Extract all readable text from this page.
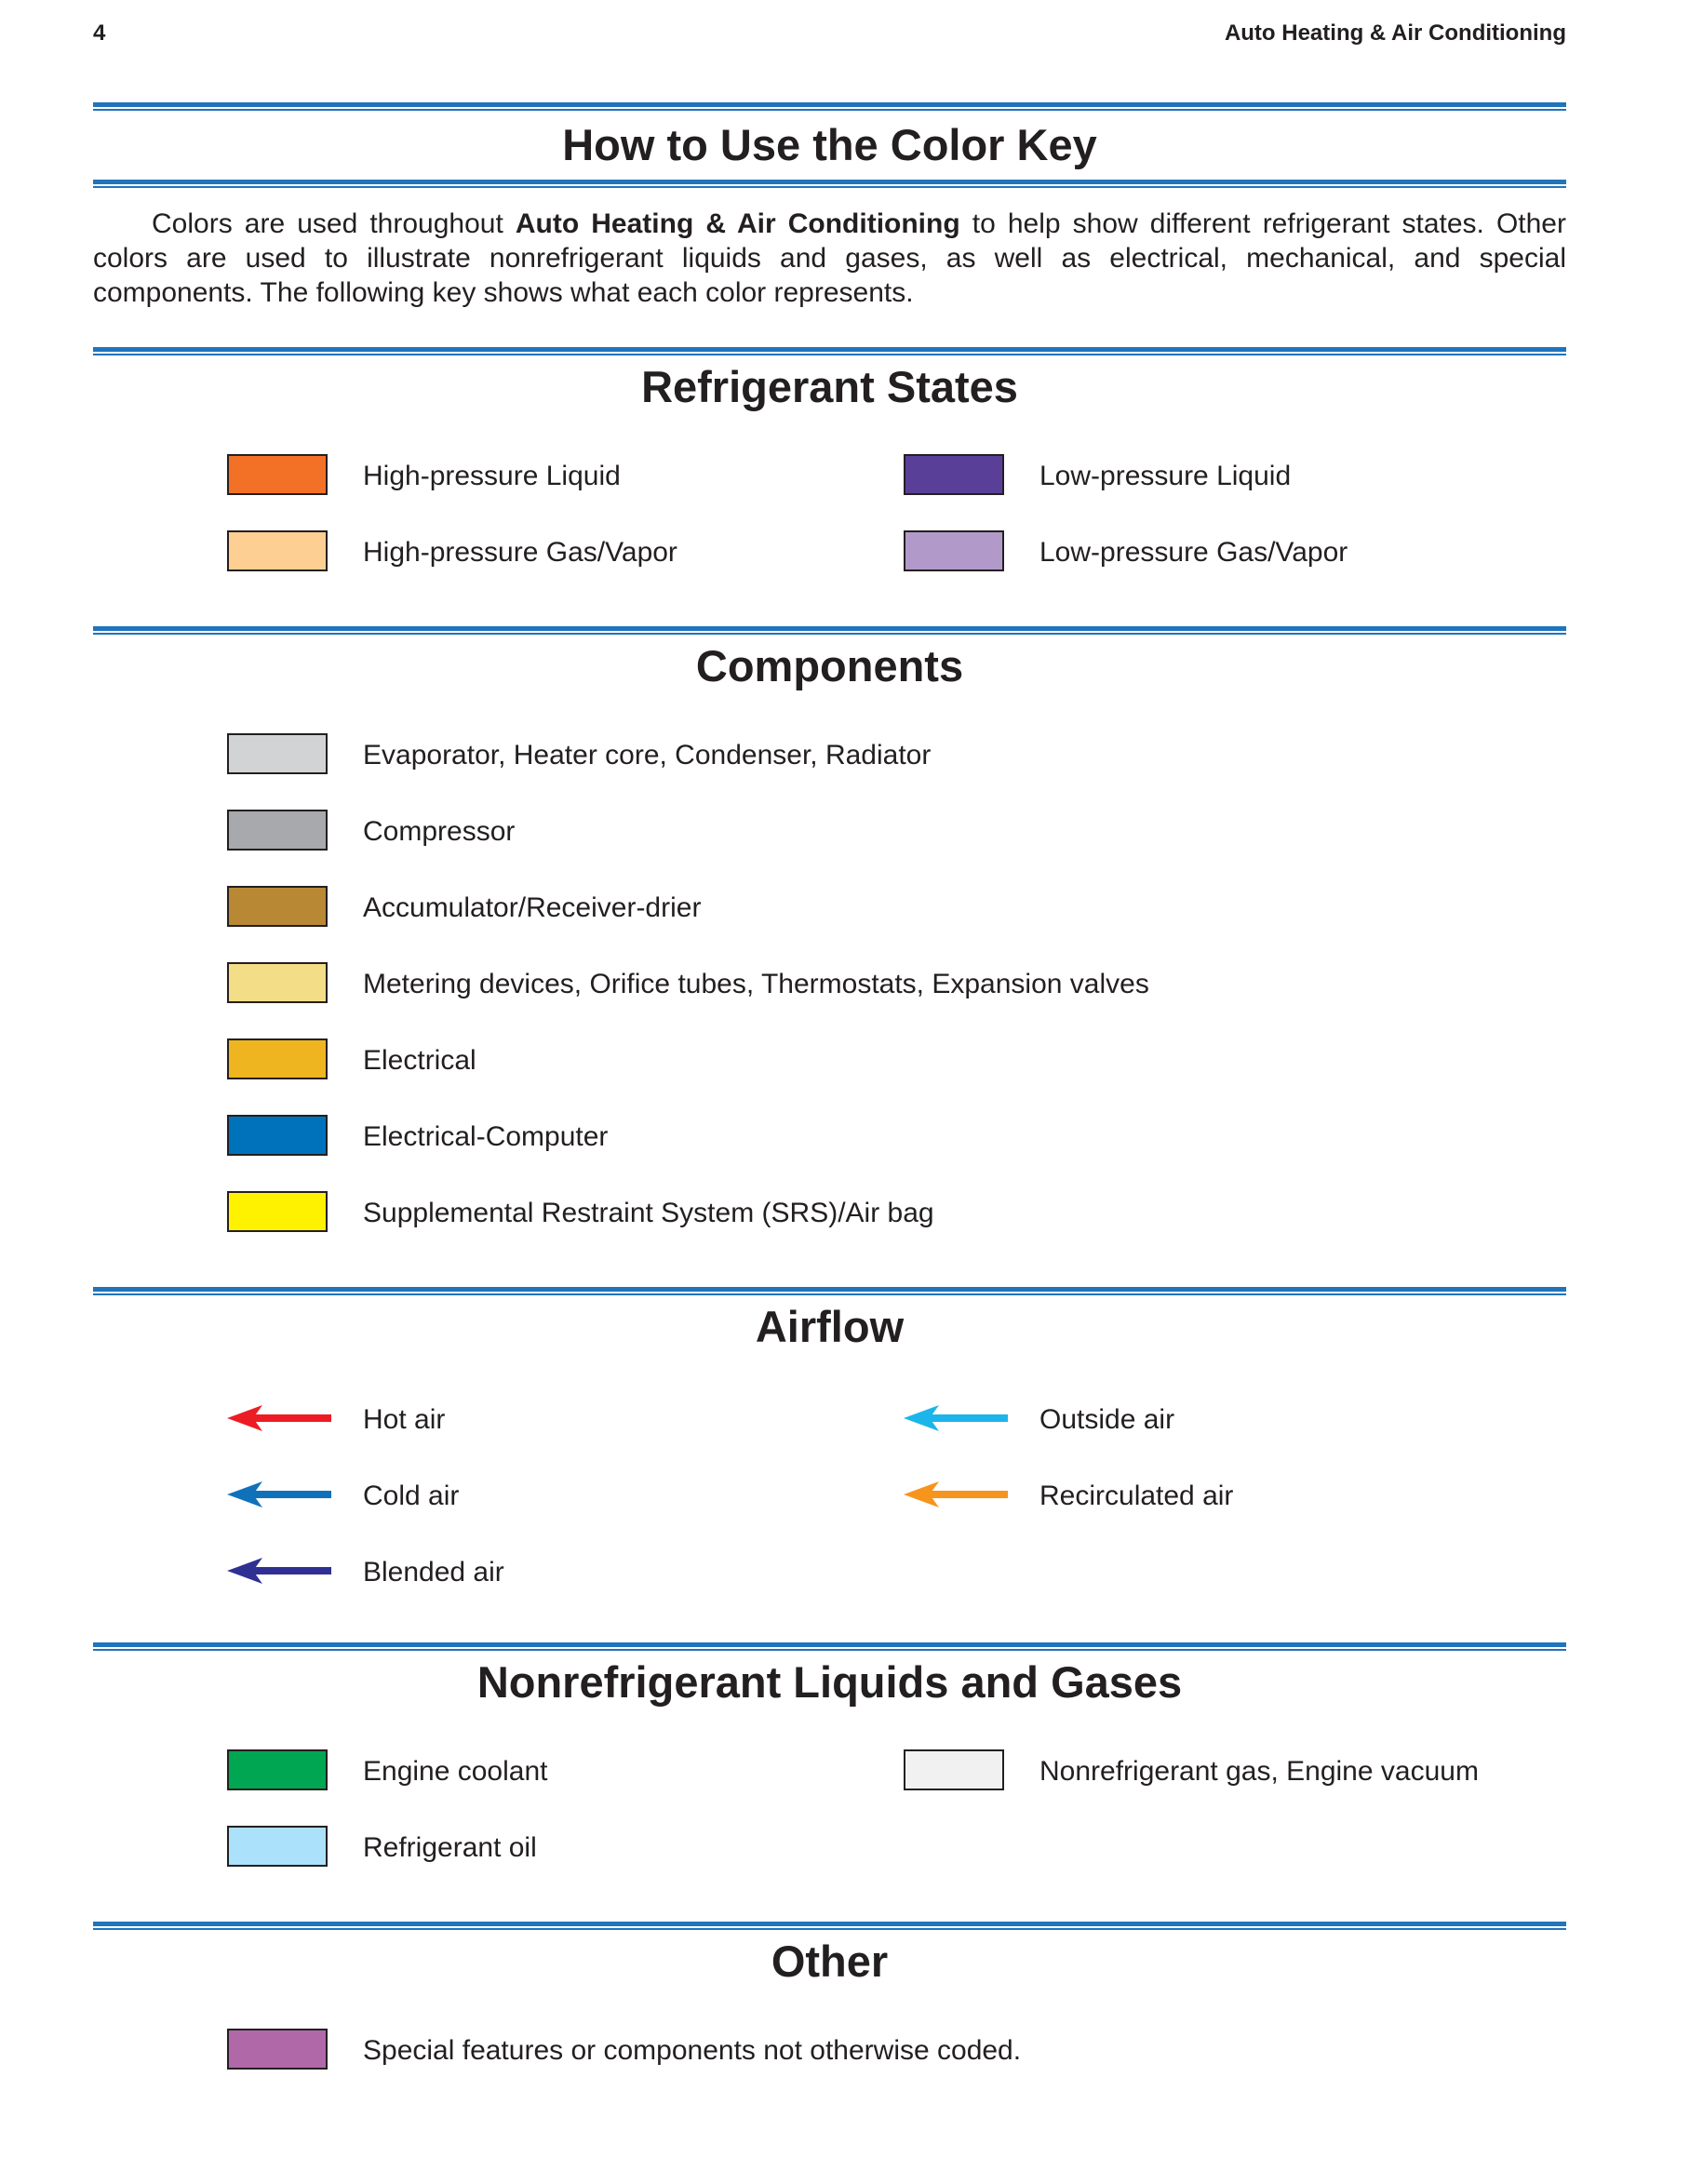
4	Auto Heating & Air Conditioning
How to Use the Color Key

Colors are used throughout Auto Heating & Air Conditioning to help show different refrigerant states. Other colors are used to illustrate nonrefrigerant liquids and gases, as well as electrical, mechanical, and special components. The following key shows what each color represents.

Refrigerant States
High-pressure Liquid
High-pressure Gas/Vapor
Low-pressure Liquid
Low-pressure Gas/Vapor
Components
Evaporator, Heater core, Condenser, Radiator
Compressor
Accumulator/Receiver-drier
Metering devices, Orifice tubes, Thermostats, Expansion valves
Electrical
Electrical-Computer
Supplemental Restraint System (SRS)/Air bag
Airflow
Hot air
Cold air
Blended air
Outside air
Recirculated air
Nonrefrigerant Liquids and Gases
Engine coolant
Refrigerant oil
Nonrefrigerant gas, Engine vacuum
Other
Special features or components not otherwise coded.
